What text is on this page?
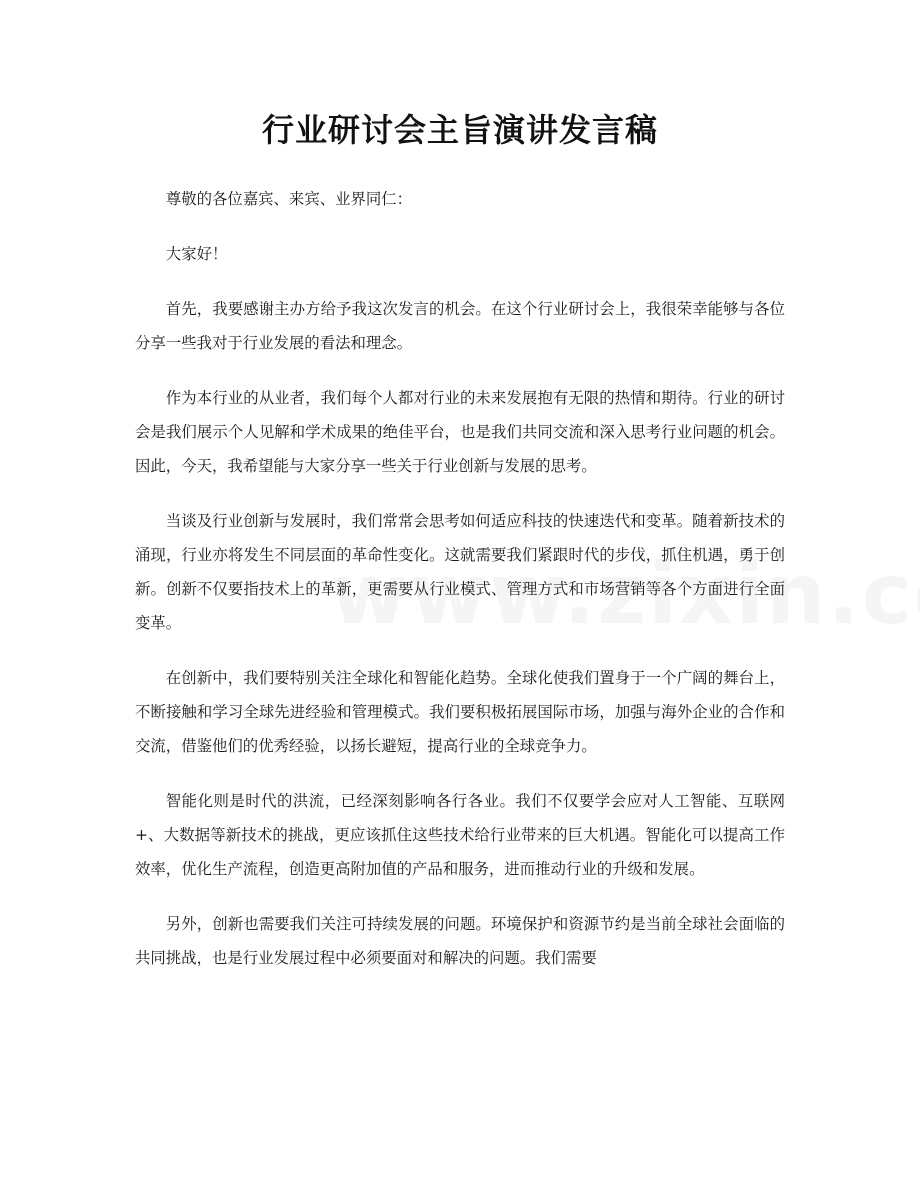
行业研讨会主旨演讲发言稿

尊敬的各位嘉宾、来宾、业界同仁：

大家好！

首先，我要感谢主办方给予我这次发言的机会。在这个行业研讨会上，我很荣幸能够与各位分享一些我对于行业发展的看法和理念。

作为本行业的从业者，我们每个人都对行业的未来发展抱有无限的热情和期待。行业的研讨会是我们展示个人见解和学术成果的绝佳平台，也是我们共同交流和深入思考行业问题的机会。因此，今天，我希望能与大家分享一些关于行业创新与发展的思考。

当谈及行业创新与发展时，我们常常会思考如何适应科技的快速迭代和变革。随着新技术的涌现，行业亦将发生不同层面的革命性变化。这就需要我们紧跟时代的步伐，抓住机遇，勇于创新。创新不仅要指技术上的革新，更需要从行业模式、管理方式和市场营销等各个方面进行全面变革。

在创新中，我们要特别关注全球化和智能化趋势。全球化使我们置身于一个广阔的舞台上，不断接触和学习全球先进经验和管理模式。我们要积极拓展国际市场，加强与海外企业的合作和交流，借鉴他们的优秀经验，以扬长避短，提高行业的全球竞争力。

智能化则是时代的洪流，已经深刻影响各行各业。我们不仅要学会应对人工智能、互联网+、大数据等新技术的挑战，更应该抓住这些技术给行业带来的巨大机遇。智能化可以提高工作效率，优化生产流程，创造更高附加值的产品和服务，进而推动行业的升级和发展。

另外，创新也需要我们关注可持续发展的问题。环境保护和资源节约是当前全球社会面临的共同挑战，也是行业发展过程中必须要面对和解决的问题。我们需要
